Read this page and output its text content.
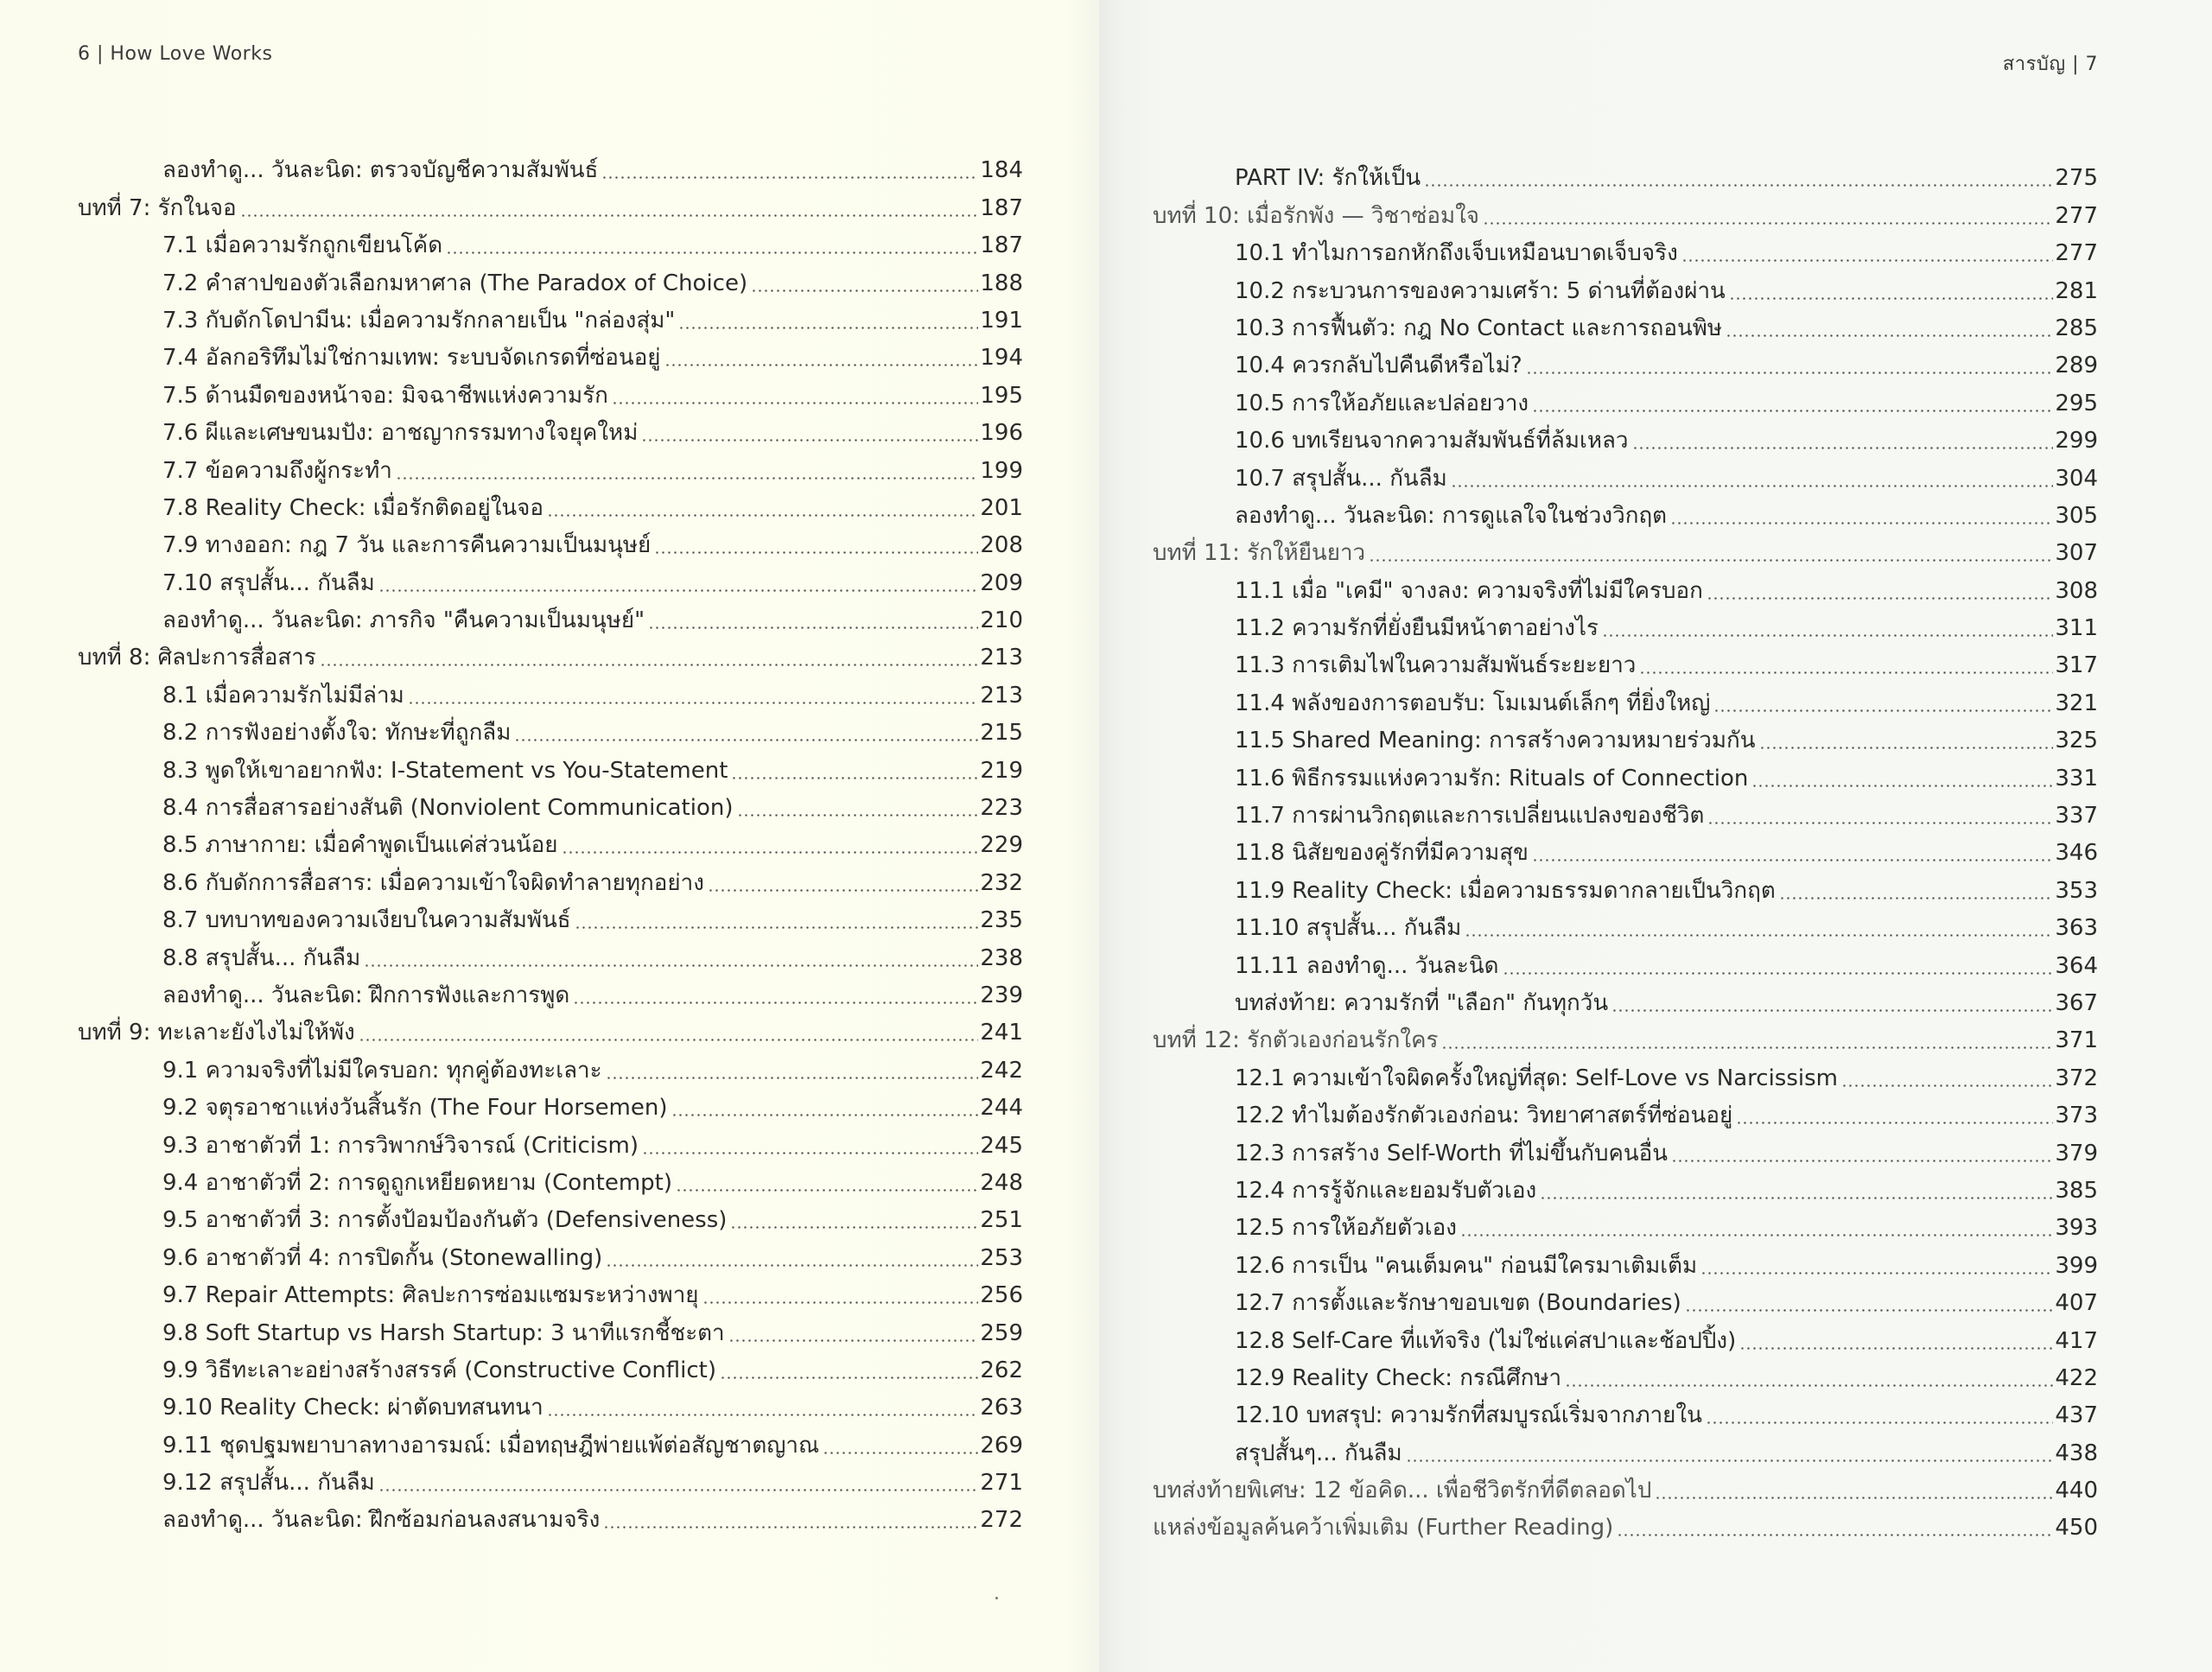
6 | How Love Works
ลองทำดู... วันละนิด: ตรวจบัญชีความสัมพันธ์	184
บทที่ 7: รักในจอ	187
7.1 เมื่อความรักถูกเขียนโค้ด	187
7.2 คำสาปของตัวเลือกมหาศาล (The Paradox of Choice)	188
7.3 กับดักโดปามีน: เมื่อความรักกลายเป็น "กล่องสุ่ม"	191
7.4 อัลกอริทึมไม่ใช่กามเทพ: ระบบจัดเกรดที่ซ่อนอยู่	194
7.5 ด้านมืดของหน้าจอ: มิจฉาชีพแห่งความรัก	195
7.6 ผีและเศษขนมปัง: อาชญากรรมทางใจยุคใหม่	196
7.7 ข้อความถึงผู้กระทำ	199
7.8 Reality Check: เมื่อรักติดอยู่ในจอ	201
7.9 ทางออก: กฎ 7 วัน และการคืนความเป็นมนุษย์	208
7.10 สรุปสั้น... กันลืม	209
ลองทำดู... วันละนิด: ภารกิจ "คืนความเป็นมนุษย์"	210
บทที่ 8: ศิลปะการสื่อสาร	213
8.1 เมื่อความรักไม่มีล่าม	213
8.2 การฟังอย่างตั้งใจ: ทักษะที่ถูกลืม	215
8.3 พูดให้เขาอยากฟัง: I-Statement vs You-Statement	219
8.4 การสื่อสารอย่างสันติ (Nonviolent Communication)	223
8.5 ภาษากาย: เมื่อคำพูดเป็นแค่ส่วนน้อย	229
8.6 กับดักการสื่อสาร: เมื่อความเข้าใจผิดทำลายทุกอย่าง	232
8.7 บทบาทของความเงียบในความสัมพันธ์	235
8.8 สรุปสั้น... กันลืม	238
ลองทำดู... วันละนิด: ฝึกการฟังและการพูด	239
บทที่ 9: ทะเลาะยังไงไม่ให้พัง	241
9.1 ความจริงที่ไม่มีใครบอก: ทุกคู่ต้องทะเลาะ	242
9.2 จตุรอาชาแห่งวันสิ้นรัก (The Four Horsemen)	244
9.3 อาชาตัวที่ 1: การวิพากษ์วิจารณ์ (Criticism)	245
9.4 อาชาตัวที่ 2: การดูถูกเหยียดหยาม (Contempt)	248
9.5 อาชาตัวที่ 3: การตั้งป้อมป้องกันตัว (Defensiveness)	251
9.6 อาชาตัวที่ 4: การปิดกั้น (Stonewalling)	253
9.7 Repair Attempts: ศิลปะการซ่อมแซมระหว่างพายุ	256
9.8 Soft Startup vs Harsh Startup: 3 นาทีแรกชี้ชะตา	259
9.9 วิธีทะเลาะอย่างสร้างสรรค์ (Constructive Conflict)	262
9.10 Reality Check: ผ่าตัดบทสนทนา	263
9.11 ชุดปฐมพยาบาลทางอารมณ์: เมื่อทฤษฎีพ่ายแพ้ต่อสัญชาตญาณ	269
9.12 สรุปสั้น... กันลืม	271
ลองทำดู... วันละนิด: ฝึกซ้อมก่อนลงสนามจริง	272
สารบัญ | 7
PART IV: รักให้เป็น	275
บทที่ 10: เมื่อรักพัง — วิชาซ่อมใจ	277
10.1 ทำไมการอกหักถึงเจ็บเหมือนบาดเจ็บจริง	277
10.2 กระบวนการของความเศร้า: 5 ด่านที่ต้องผ่าน	281
10.3 การฟื้นตัว: กฎ No Contact และการถอนพิษ	285
10.4 ควรกลับไปคืนดีหรือไม่?	289
10.5 การให้อภัยและปล่อยวาง	295
10.6 บทเรียนจากความสัมพันธ์ที่ล้มเหลว	299
10.7 สรุปสั้น... กันลืม	304
ลองทำดู... วันละนิด: การดูแลใจในช่วงวิกฤต	305
บทที่ 11: รักให้ยืนยาว	307
11.1 เมื่อ "เคมี" จางลง: ความจริงที่ไม่มีใครบอก	308
11.2 ความรักที่ยั่งยืนมีหน้าตาอย่างไร	311
11.3 การเติมไฟในความสัมพันธ์ระยะยาว	317
11.4 พลังของการตอบรับ: โมเมนต์เล็กๆ ที่ยิ่งใหญ่	321
11.5 Shared Meaning: การสร้างความหมายร่วมกัน	325
11.6 พิธีกรรมแห่งความรัก: Rituals of Connection	331
11.7 การผ่านวิกฤตและการเปลี่ยนแปลงของชีวิต	337
11.8 นิสัยของคู่รักที่มีความสุข	346
11.9 Reality Check: เมื่อความธรรมดากลายเป็นวิกฤต	353
11.10 สรุปสั้น... กันลืม	363
11.11 ลองทำดู... วันละนิด	364
บทส่งท้าย: ความรักที่ "เลือก" กันทุกวัน	367
บทที่ 12: รักตัวเองก่อนรักใคร	371
12.1 ความเข้าใจผิดครั้งใหญ่ที่สุด: Self-Love vs Narcissism	372
12.2 ทำไมต้องรักตัวเองก่อน: วิทยาศาสตร์ที่ซ่อนอยู่	373
12.3 การสร้าง Self-Worth ที่ไม่ขึ้นกับคนอื่น	379
12.4 การรู้จักและยอมรับตัวเอง	385
12.5 การให้อภัยตัวเอง	393
12.6 การเป็น "คนเต็มคน" ก่อนมีใครมาเติมเต็ม	399
12.7 การตั้งและรักษาขอบเขต (Boundaries)	407
12.8 Self-Care ที่แท้จริง (ไม่ใช่แค่สปาและช้อปปิ้ง)	417
12.9 Reality Check: กรณีศึกษา	422
12.10 บทสรุป: ความรักที่สมบูรณ์เริ่มจากภายใน	437
สรุปสั้นๆ... กันลืม	438
บทส่งท้ายพิเศษ: 12 ข้อคิด... เพื่อชีวิตรักที่ดีตลอดไป	440
แหล่งข้อมูลค้นคว้าเพิ่มเติม (Further Reading)	450
